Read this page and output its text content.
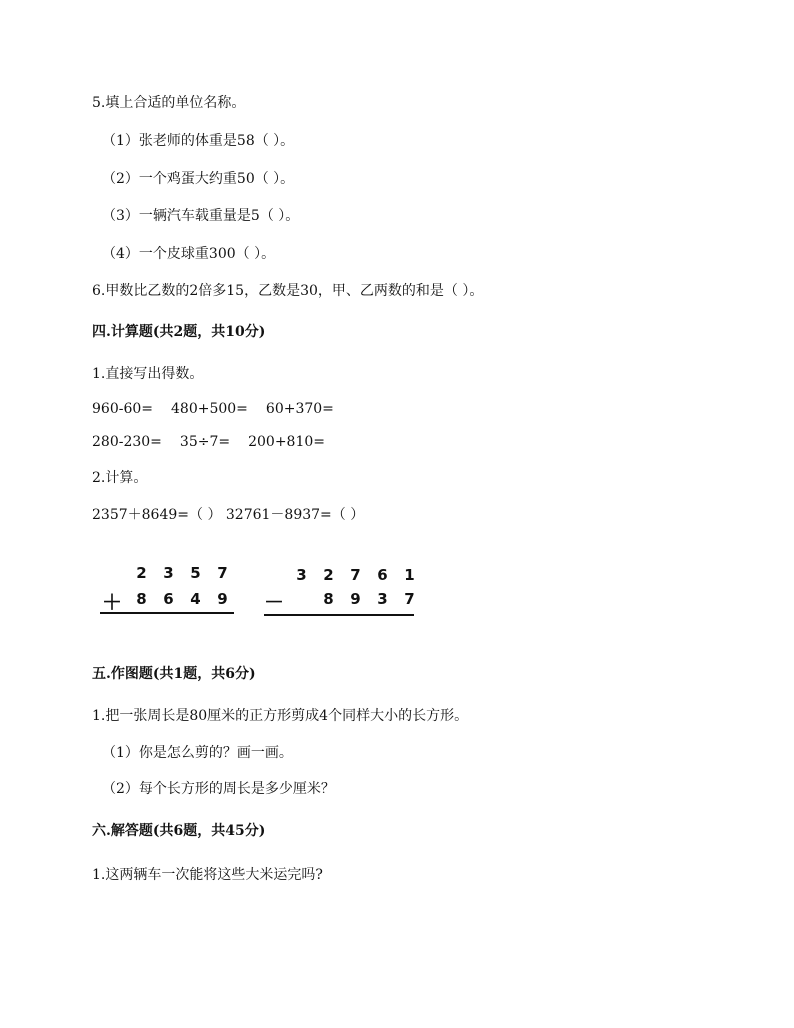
5.填上合适的单位名称。
（1）张老师的体重是58（ ）。
（2）一个鸡蛋大约重50（ ）。
（3）一辆汽车载重量是5（ ）。
（4）一个皮球重300（ ）。
6.甲数比乙数的2倍多15，乙数是30，甲、乙两数的和是（ ）。
四.计算题(共2题，共10分)
1.直接写出得数。
960-60= 480+500= 60+370=
280-230= 35÷7= 200+810=
2.计算。
2357＋8649=（ ） 32761－8937=（ ）
2	3	5	7
＋ 8	6	4	9
3	2	7	6	1
－	8	9	3	7
五.作图题(共1题，共6分)
1.把一张周长是80厘米的正方形剪成4个同样大小的长方形。
（1）你是怎么剪的？画一画。
（2）每个长方形的周长是多少厘米？
六.解答题(共6题，共45分)
1.这两辆车一次能将这些大米运完吗?
